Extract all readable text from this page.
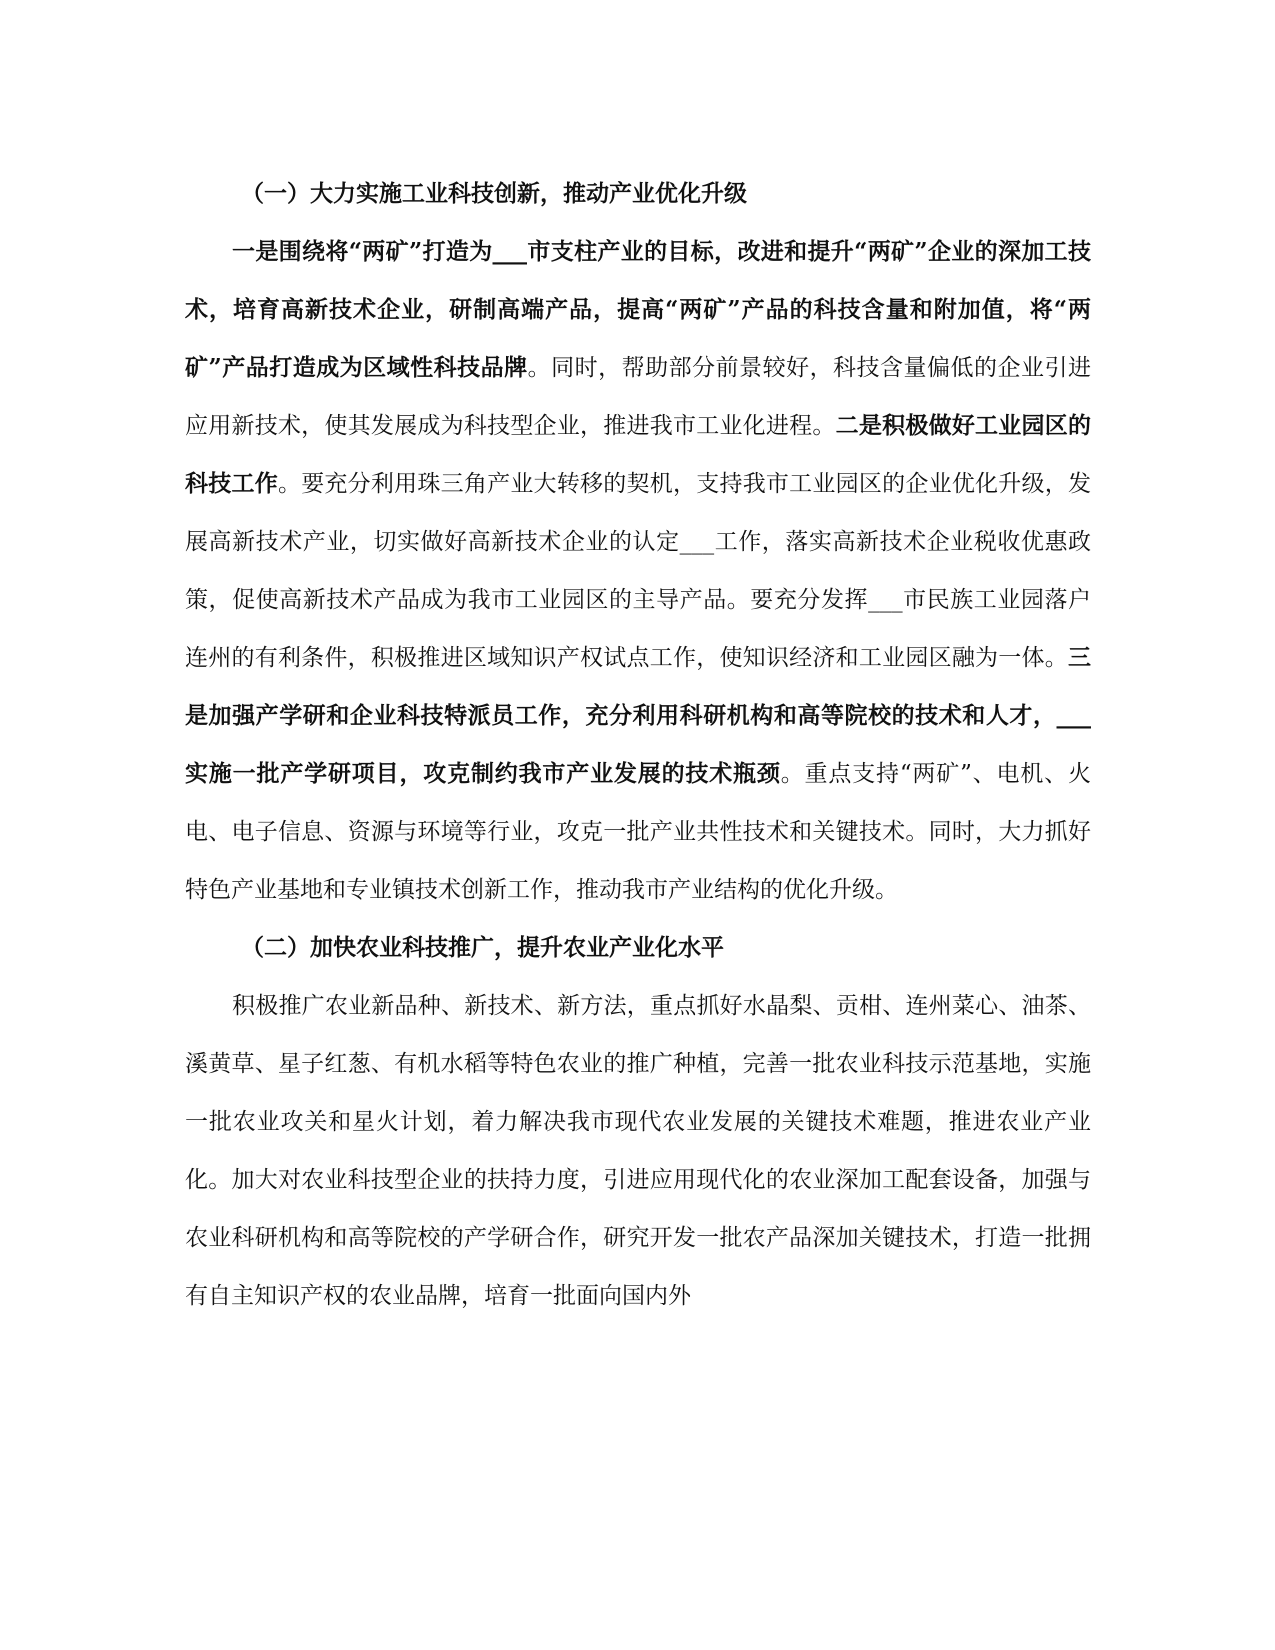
（一）大力实施工业科技创新，推动产业优化升级

一是围绕将“两矿”打造为___市支柱产业的目标，改进和提升“两矿”企业的深加工技术，培育高新技术企业，研制高端产品，提高“两矿”产品的科技含量和附加值，将“两矿”产品打造成为区域性科技品牌。同时，帮助部分前景较好，科技含量偏低的企业引进应用新技术，使其发展成为科技型企业，推进我市工业化进程。二是积极做好工业园区的科技工作。要充分利用珠三角产业大转移的契机，支持我市工业园区的企业优化升级，发展高新技术产业，切实做好高新技术企业的认定___工作，落实高新技术企业税收优惠政策，促使高新技术产品成为我市工业园区的主导产品。要充分发挥___市民族工业园落户连州的有利条件，积极推进区域知识产权试点工作，使知识经济和工业园区融为一体。三是加强产学研和企业科技特派员工作，充分利用科研机构和高等院校的技术和人才，___实施一批产学研项目，攻克制约我市产业发展的技术瓶颈。重点支持“两矿”、电机、火电、电子信息、资源与环境等行业，攻克一批产业共性技术和关键技术。同时，大力抓好特色产业基地和专业镇技术创新工作，推动我市产业结构的优化升级。

（二）加快农业科技推广，提升农业产业化水平

积极推广农业新品种、新技术、新方法，重点抓好水晶梨、贡柑、连州菜心、油茶、溪黄草、星子红葱、有机水稻等特色农业的推广种植，完善一批农业科技示范基地，实施一批农业攻关和星火计划，着力解决我市现代农业发展的关键技术难题，推进农业产业化。加大对农业科技型企业的扶持力度，引进应用现代化的农业深加工配套设备，加强与农业科研机构和高等院校的产学研合作，研究开发一批农产品深加关键技术，打造一批拥有自主知识产权的农业品牌，培育一批面向国内外
